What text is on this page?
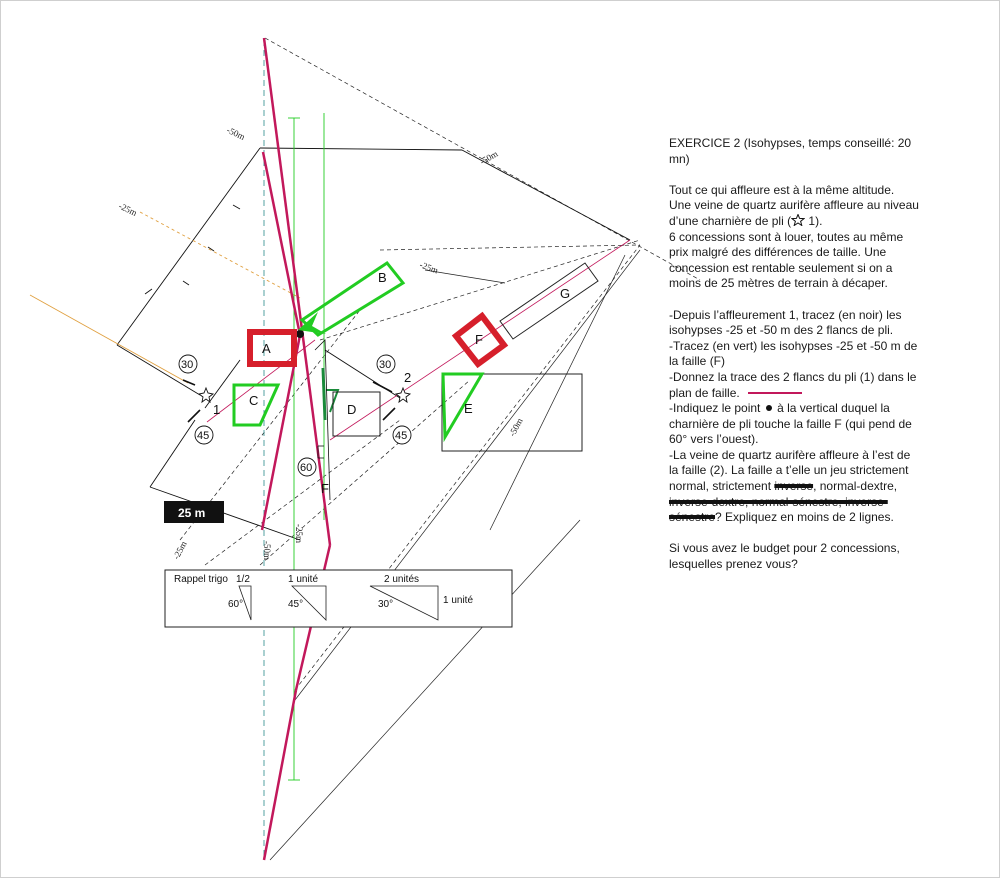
A
B
C
D	E
F
G
1
2
30
45
30
45
60
F
-50m
-25m
-50m
-25m
-50m
-25m
-25m
-50m
25 m
Rappel trigo 1/2	1 unité	2 unités
1 unité
60°	45°	30°

EXERCICE 2 (Isohypses, temps conseillé: 20 mn)

Tout ce qui affleure est à la même altitude.

Une veine de quartz aurifère affleure au niveau d’une charnière de pli ( 1).

6 concessions sont à louer, toutes au même prix malgré des différences de taille. Une concession est rentable seulement si on a moins de 25 mètres de terrain à décaper.

-Depuis l’affleurement 1, tracez (en noir) les isohypses -25 et -50 m des 2 flancs de pli.

-Tracez (en vert) les isohypses -25 et -50 m de la faille (F)

-Donnez la trace des 2 flancs du pli (1) dans le plan de faille.

-Indiquez le point à la vertical duquel la charnière de pli touche la faille F (qui pend de 60° vers l’ouest).

-La veine de quartz aurifère affleure à l’est de la faille (2). La faille a t’elle un jeu strictement normal, strictement inverse, normal-dextre, inverse-dextre, normal-sénestre, inverse-sénestre? Expliquez en moins de 2 lignes.

Si vous avez le budget pour 2 concessions, lesquelles prenez vous?
